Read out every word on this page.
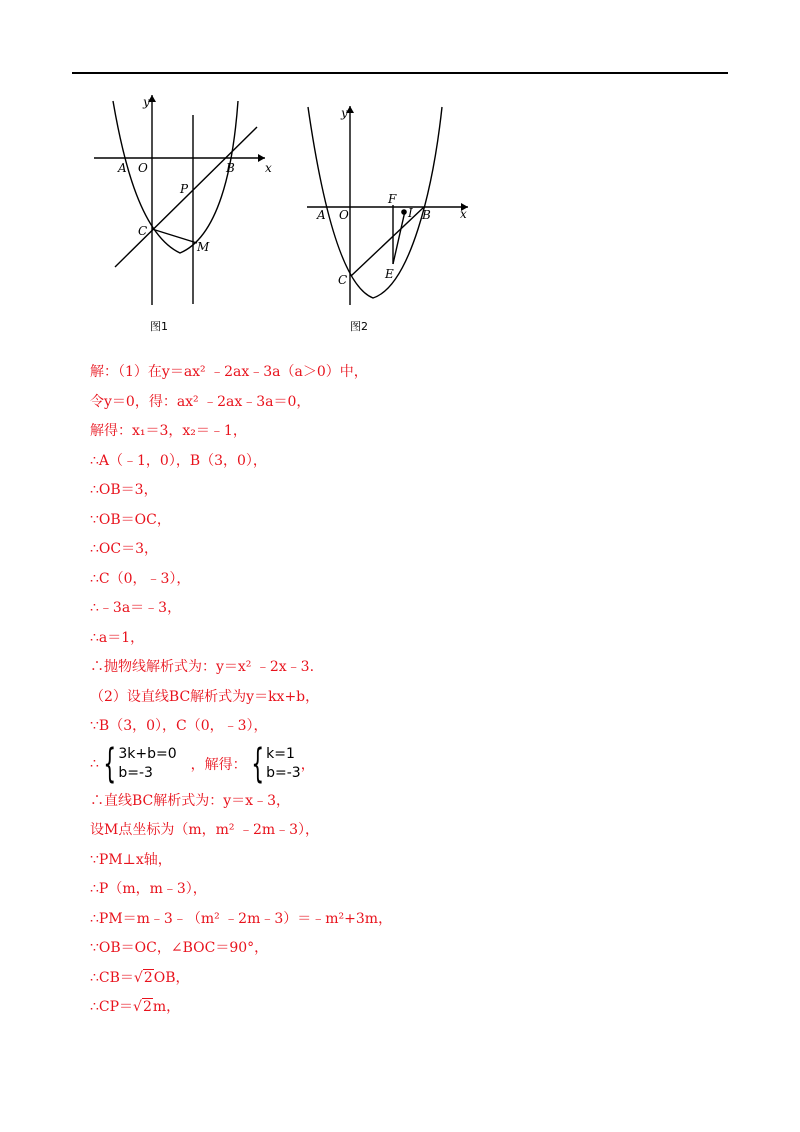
y
x
A O	B
P
C
M
图1
y
x
A O
F
I B
C	E
图2
解：（1）在y＝ax² ﹣2ax﹣3a（a＞0）中，
令y＝0，得：ax² ﹣2ax﹣3a＝0，
解得：x₁＝3，x₂＝﹣1，
∴A（﹣1，0），B（3，0），
∴OB＝3，
∵OB＝OC，
∴OC＝3，
∴C（0，﹣3），
∴﹣3a＝﹣3，
∴a＝1，
∴抛物线解析式为：y＝x² ﹣2x﹣3.
（2）设直线BC解析式为y＝kx+b，
∵B（3，0），C（0，﹣3），
∴ { 3k+b=0
b=-3	，解得： { k=1
b=-3 ，
∴直线BC解析式为：y＝x﹣3，
设M点坐标为（m，m² ﹣2m﹣3），
∵PM⊥x轴，
∴P（m，m﹣3），
∴PM＝m﹣3﹣（m² ﹣2m﹣3）＝﹣m²+3m，
∵OB＝OC，∠BOC＝90°，
∴CB＝√2OB，
∴CP＝√2m，
